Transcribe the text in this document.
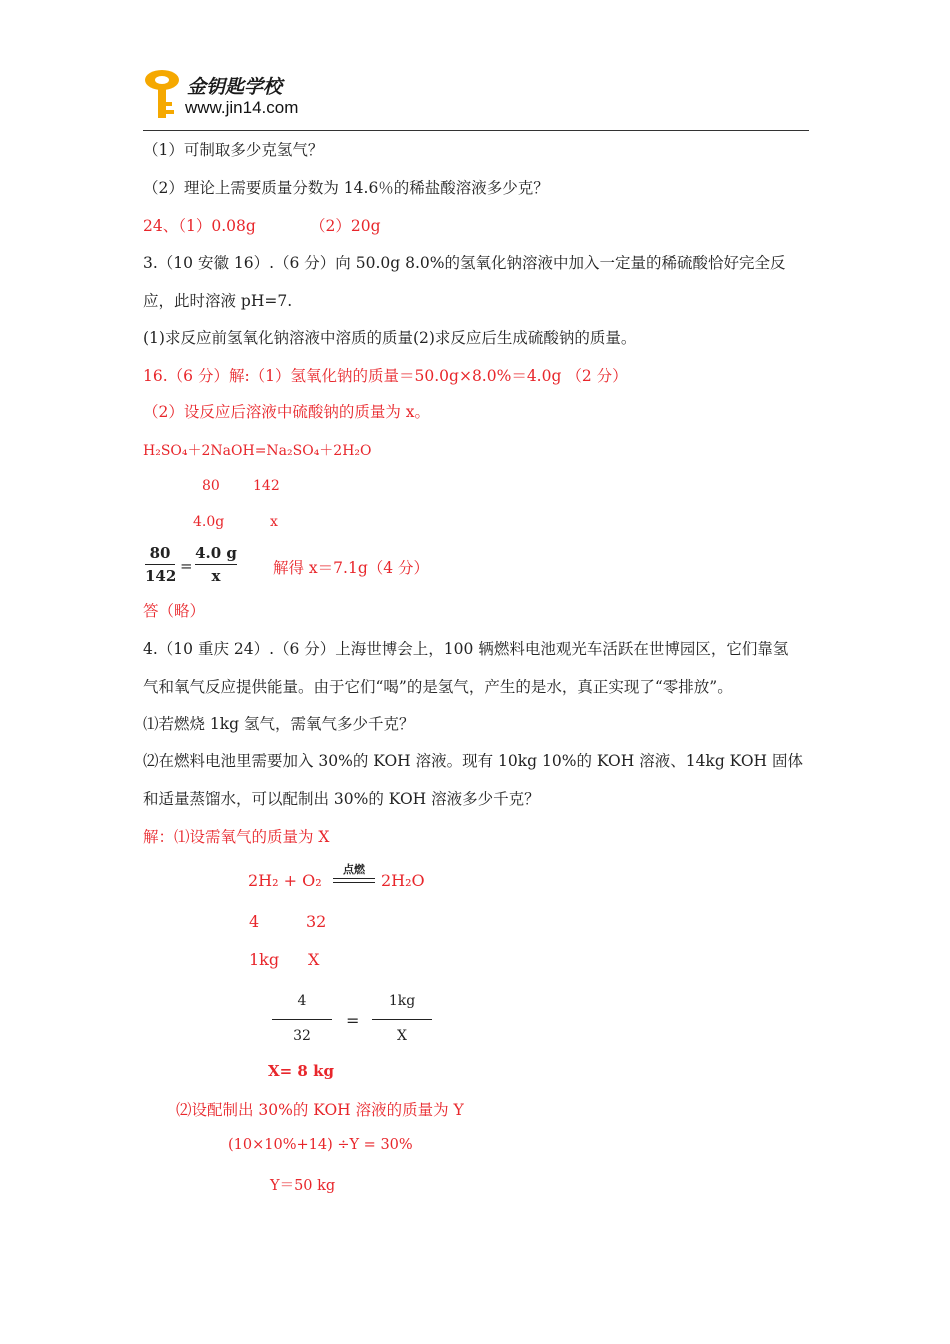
金钥匙学校
www.jin14.com
（1）可制取多少克氢气？
（2）理论上需要质量分数为 14.6％的稀盐酸溶液多少克？
24、（1）0.08g　　　　（2）20g
3.（10 安徽 16）.（6 分）向 50.0g 8.0%的氢氧化钠溶液中加入一定量的稀硫酸恰好完全反
应，此时溶液 pH=7.
(1)求反应前氢氧化钠溶液中溶质的质量(2)求反应后生成硫酸钠的质量。
16.（6 分）解:（1）氢氧化钠的质量＝50.0g×8.0%＝4.0g （2 分）
（2）设反应后溶液中硫酸钠的质量为 x。
H₂SO₄＋2NaOH=Na₂SO₄＋2H₂O
80 142
4.0g	x
80
142
=
4.0 g
x	解得 x＝7.1g（4 分）
答（略）
4.（10 重庆 24）.（6 分）上海世博会上，100 辆燃料电池观光车活跃在世博园区，它们靠氢
气和氧气反应提供能量。由于它们“喝”的是氢气，产生的是水，真正实现了“零排放”。
⑴若燃烧 1kg 氢气，需氧气多少千克？
⑵在燃料电池里需要加入 30%的 KOH 溶液。现有 10kg 10%的 KOH 溶液、14kg KOH 固体
和适量蒸馏水，可以配制出 30%的 KOH 溶液多少千克？
解：⑴设需氧气的质量为 X
2H₂ + O₂
点燃
2H₂O
4	32
1kg X
4
32
=
1kg
X
X= 8 kg
⑵设配制出 30%的 KOH 溶液的质量为 Y
(10×10%+14) ÷Y = 30%
Y＝50 kg
